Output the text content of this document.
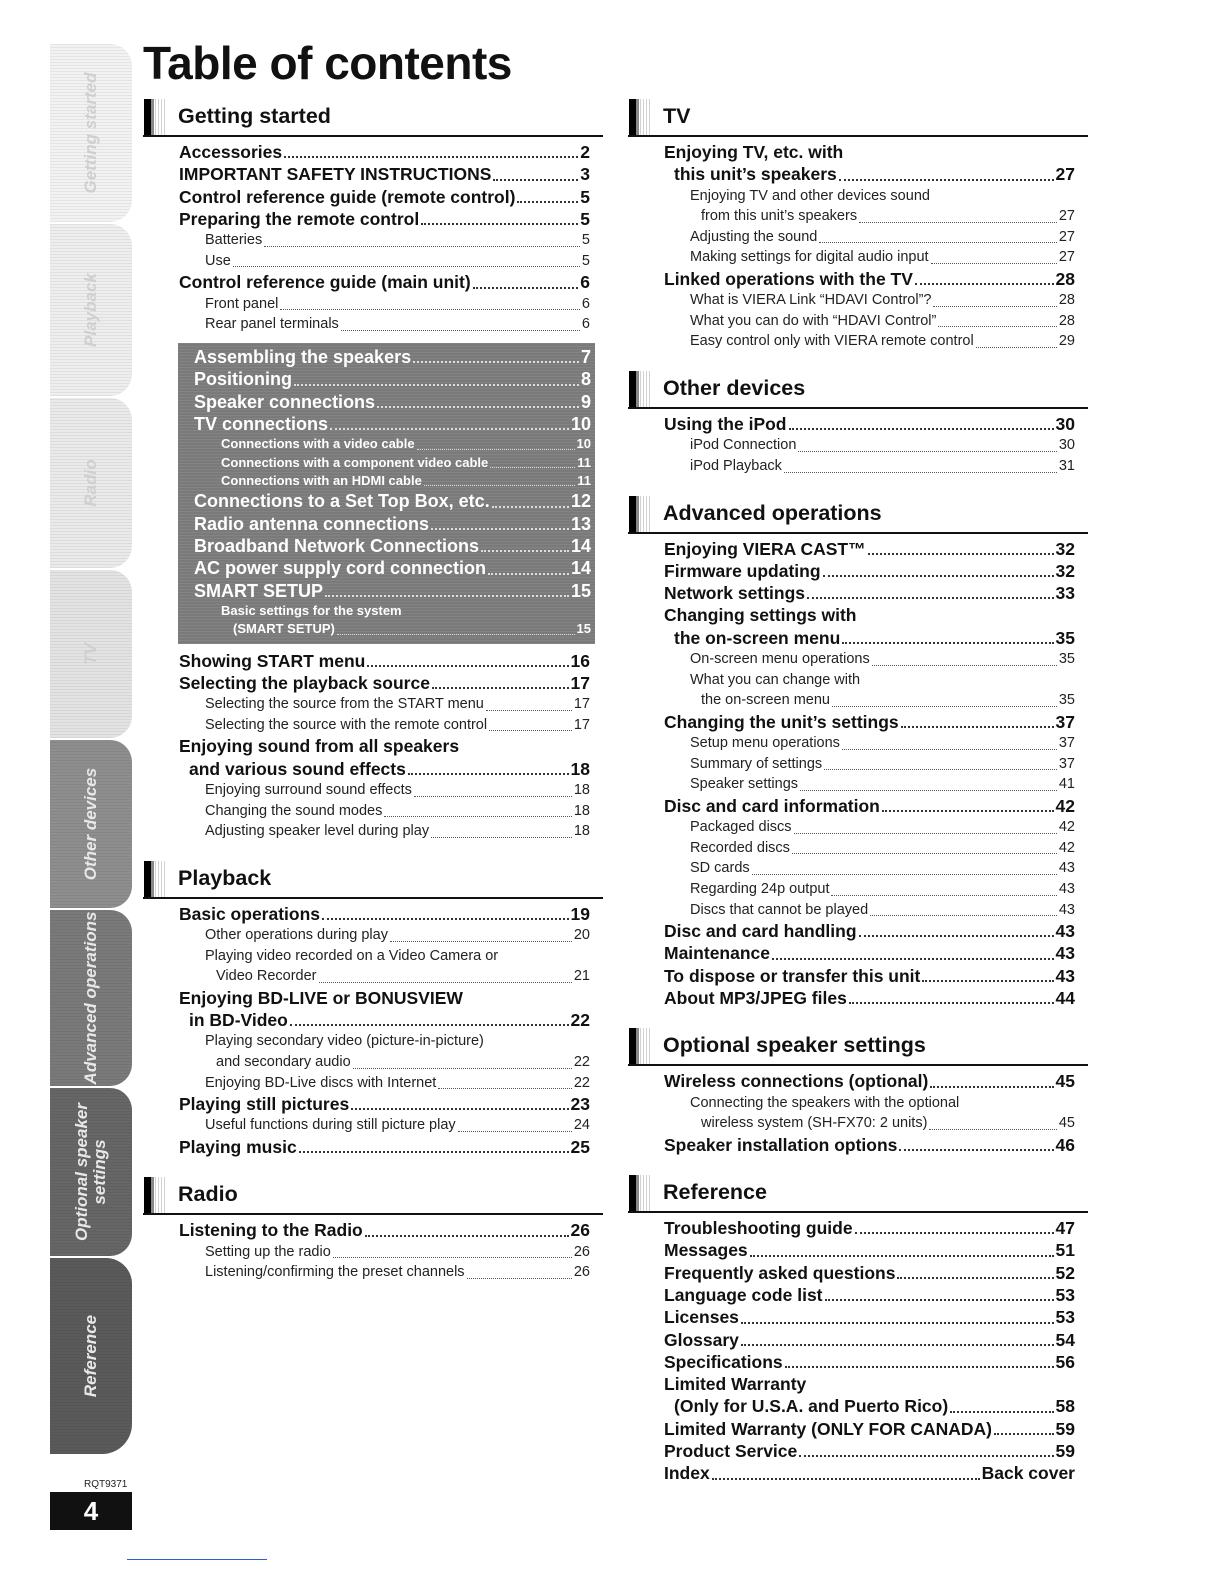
Table of contents
Getting started
Playback
Radio
TV
Other devices
Advanced operations
Optional speaker
settings
Reference
RQT9371
4
Getting started
Accessories	2
IMPORTANT SAFETY INSTRUCTIONS	3
Control reference guide (remote control)	5
Preparing the remote control	5
Batteries	5
Use	5
Control reference guide (main unit)	6
Front panel	6
Rear panel terminals	6
Assembling the speakers	7
Positioning	8
Speaker connections	9
TV connections	10
Connections with a video cable	10
Connections with a component video cable	11
Connections with an HDMI cable	11
Connections to a Set Top Box, etc.	12
Radio antenna connections	13
Broadband Network Connections	14
AC power supply cord connection	14
SMART SETUP	15
Basic settings for the system
(SMART SETUP)	15
Showing START menu	16
Selecting the playback source	17
Selecting the source from the START menu	17
Selecting the source with the remote control	17
Enjoying sound from all speakers
and various sound effects	18
Enjoying surround sound effects	18
Changing the sound modes	18
Adjusting speaker level during play	18
Playback
Basic operations	19
Other operations during play	20
Playing video recorded on a Video Camera or
Video Recorder	21
Enjoying BD-LIVE or BONUSVIEW
in BD-Video	22
Playing secondary video (picture-in-picture)
and secondary audio	22
Enjoying BD-Live discs with Internet	22
Playing still pictures	23
Useful functions during still picture play	24
Playing music	25
Radio
Listening to the Radio	26
Setting up the radio	26
Listening/confirming the preset channels	26
TV
Enjoying TV, etc. with
this unit’s speakers	27
Enjoying TV and other devices sound
from this unit’s speakers	27
Adjusting the sound	27
Making settings for digital audio input	27
Linked operations with the TV	28
What is VIERA Link “HDAVI Control”?	28
What you can do with “HDAVI Control”	28
Easy control only with VIERA remote control	29
Other devices
Using the iPod	30
iPod Connection	30
iPod Playback	31
Advanced operations
Enjoying VIERA CAST™	32
Firmware updating	32
Network settings	33
Changing settings with
the on-screen menu	35
On-screen menu operations	35
What you can change with
the on-screen menu	35
Changing the unit’s settings	37
Setup menu operations	37
Summary of settings	37
Speaker settings	41
Disc and card information	42
Packaged discs	42
Recorded discs	42
SD cards	43
Regarding 24p output	43
Discs that cannot be played	43
Disc and card handling	43
Maintenance	43
To dispose or transfer this unit	43
About MP3/JPEG files	44
Optional speaker settings
Wireless connections (optional)	45
Connecting the speakers with the optional
wireless system (SH-FX70: 2 units)	45
Speaker installation options	46
Reference
Troubleshooting guide	47
Messages	51
Frequently asked questions	52
Language code list	53
Licenses	53
Glossary	54
Specifications	56
Limited Warranty
(Only for U.S.A. and Puerto Rico)	58
Limited Warranty (ONLY FOR CANADA)	59
Product Service	59
Index	Back cover
